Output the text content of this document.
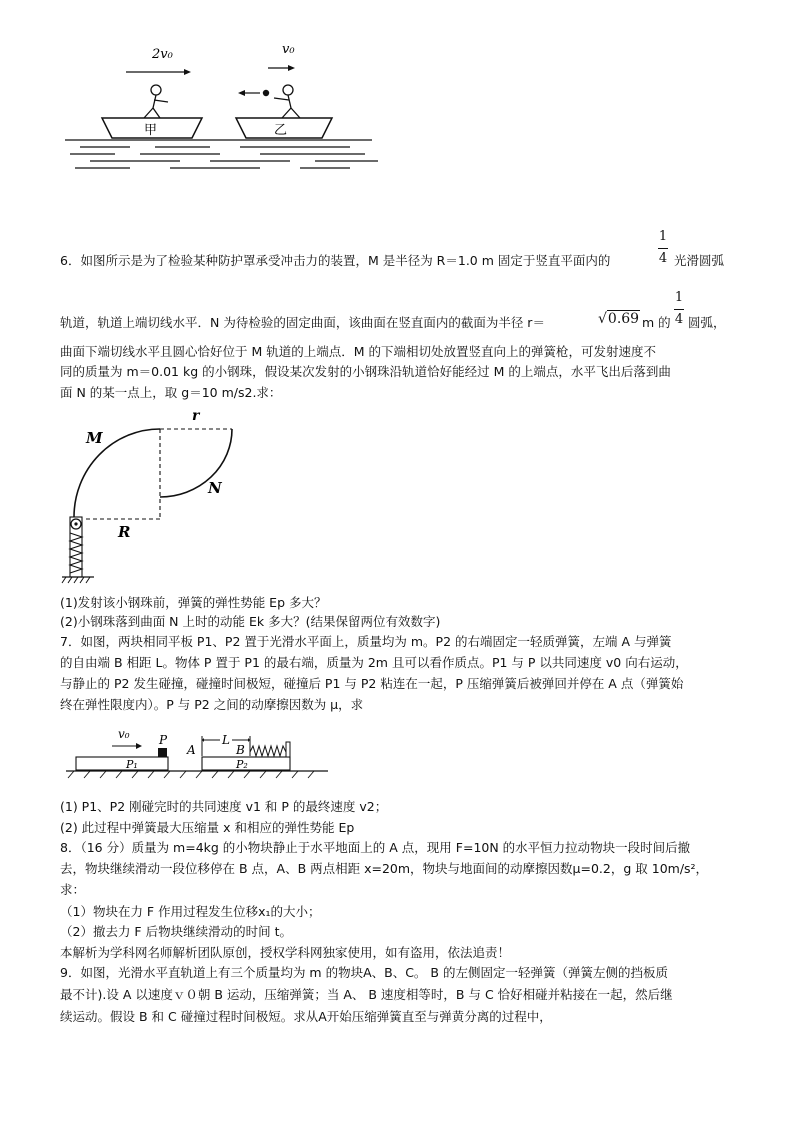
2v₀	v₀
甲	乙
6．如图所示是为了检验某种防护罩承受冲击力的装置，M 是半径为 R＝1.0 m 固定于竖直平面内的
1
4 光滑圆弧
轨道，轨道上端切线水平．N 为待检验的固定曲面，该曲面在竖直面内的截面为半径 r＝	√0.69 m 的
1
4 圆弧，
曲面下端切线水平且圆心恰好位于 M 轨道的上端点．M 的下端相切处放置竖直向上的弹簧枪，可发射速度不
同的质量为 m＝0.01 kg 的小钢珠，假设某次发射的小钢珠沿轨道恰好能经过 M 的上端点，水平飞出后落到曲
面 N 的某一点上，取 g＝10 m/s2.求：
r
M
N
R
(1)发射该小钢珠前，弹簧的弹性势能 Ep 多大？
(2)小钢珠落到曲面 N 上时的动能 Ek 多大？(结果保留两位有效数字)
7．如图，两块相同平板 P1、P2 置于光滑水平面上，质量均为 m。P2 的右端固定一轻质弹簧，左端 A 与弹簧
的自由端 B 相距 L。物体 P 置于 P1 的最右端，质量为 2m 且可以看作质点。P1 与 P 以共同速度 v0 向右运动，
与静止的 P2 发生碰撞，碰撞时间极短，碰撞后 P1 与 P2 粘连在一起，P 压缩弹簧后被弹回并停在 A 点（弹簧始
终在弹性限度内）。P 与 P2 之间的动摩擦因数为 μ，求
v₀ P
P₁
A
L
B
P₂
(1) P1、P2 刚碰完时的共同速度 v1 和 P 的最终速度 v2；
(2) 此过程中弹簧最大压缩量 x 和相应的弹性势能 Ep
8．（16 分）质量为 m=4kg 的小物块静止于水平地面上的 A 点，现用 F=10N 的水平恒力拉动物块一段时间后撤
去，物块继续滑动一段位移停在 B 点，A、B 两点相距 x=20m，物块与地面间的动摩擦因数μ=0.2，g 取 10m/s²，
求：
（1）物块在力 F 作用过程发生位移x₁的大小；
（2）撤去力 F 后物块继续滑动的时间 t。
本解析为学科网名师解析团队原创，授权学科网独家使用，如有盗用，依法追责！
9．如图，光滑水平直轨道上有三个质量均为 m 的物块A、B、C。 B 的左侧固定一轻弹簧（弹簧左侧的挡板质
最不计).设 A 以速度ｖ０朝 B 运动，压缩弹簧；当 A、 B 速度相等时，B 与 C 恰好相碰并粘接在一起，然后继
续运动。假设 B 和 C 碰撞过程时间极短。求从A开始压缩弹簧直至与弹黄分离的过程中，
